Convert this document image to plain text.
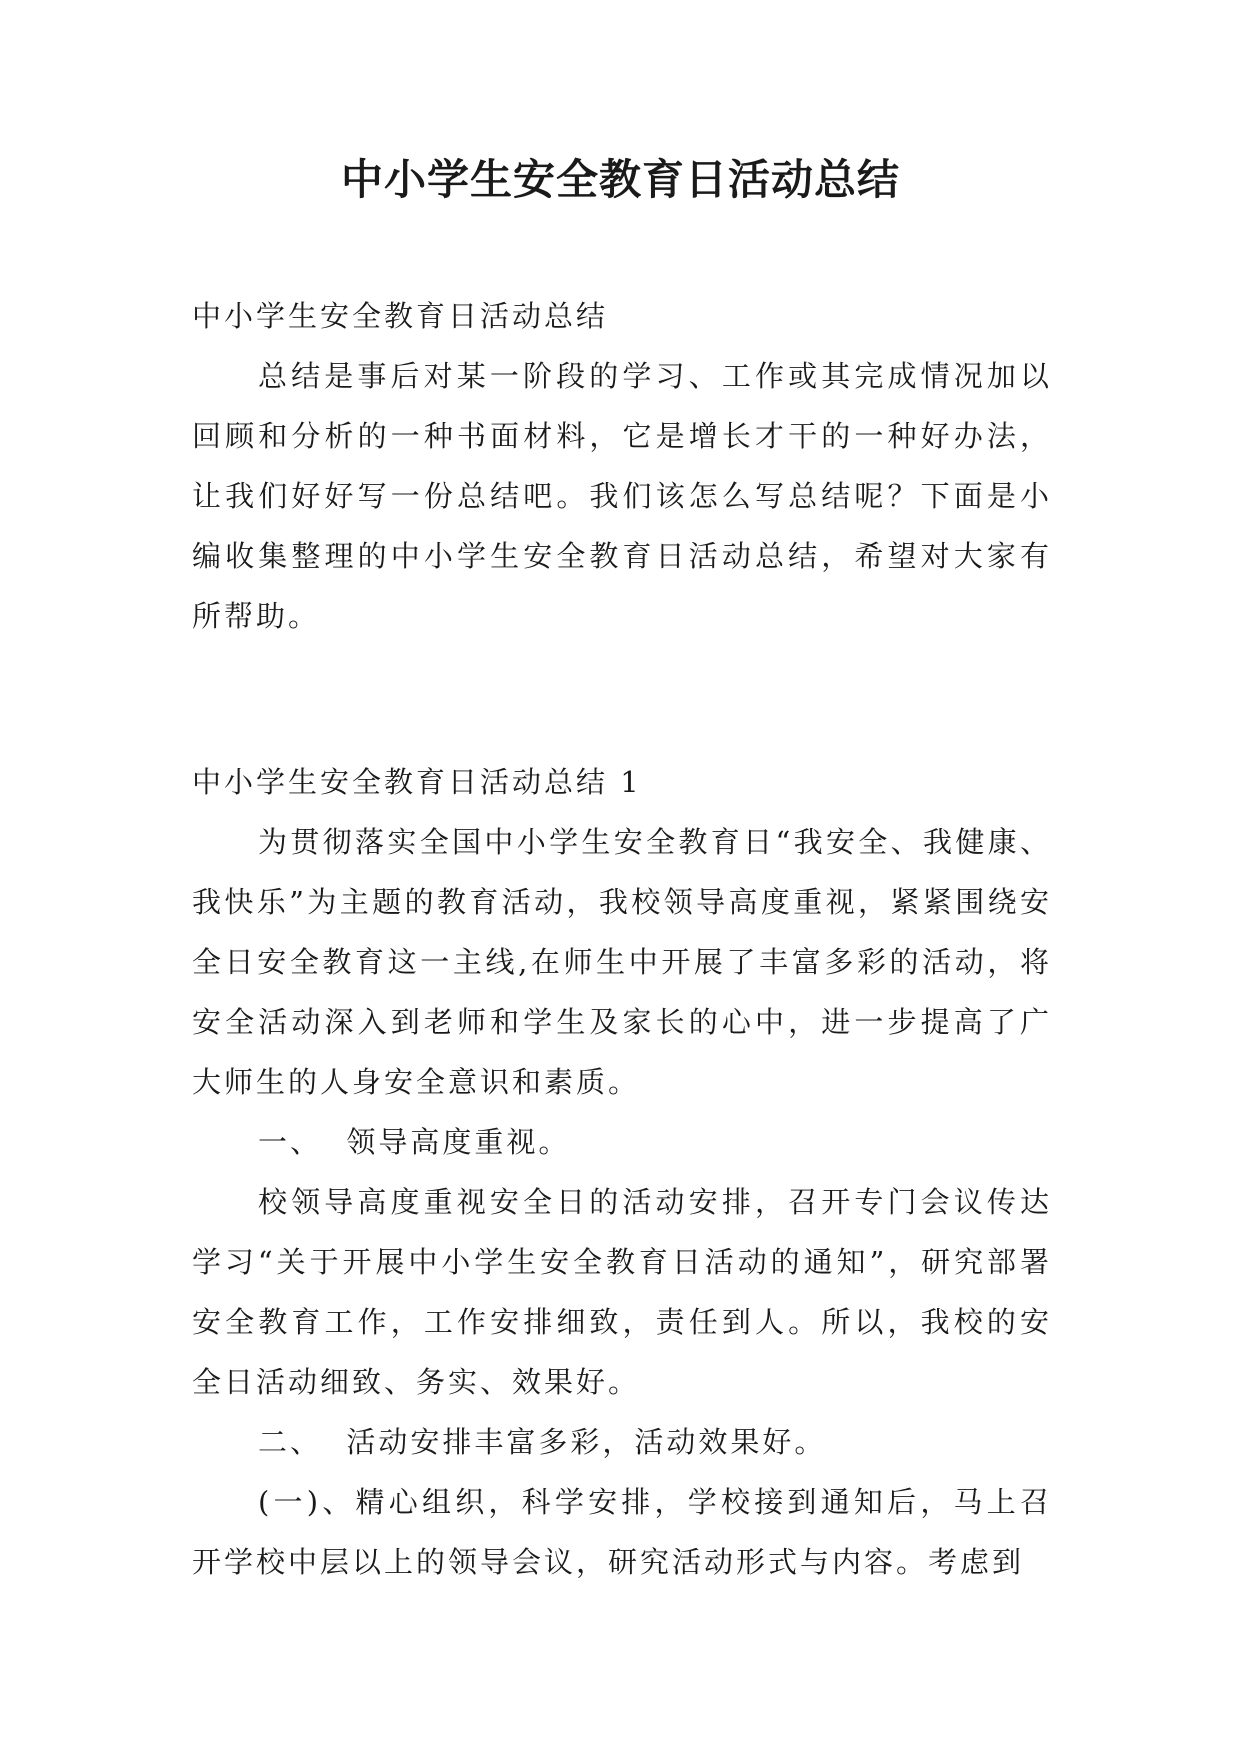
中小学生安全教育日活动总结

中小学生安全教育日活动总结

总结是事后对某一阶段的学习、工作或其完成情况加以回顾和分析的一种书面材料，它是增长才干的一种好办法，让我们好好写一份总结吧。我们该怎么写总结呢？下面是小编收集整理的中小学生安全教育日活动总结，希望对大家有所帮助。

中小学生安全教育日活动总结 1

为贯彻落实全国中小学生安全教育日“我安全、我健康、我快乐”为主题的教育活动，我校领导高度重视，紧紧围绕安全日安全教育这一主线,在师生中开展了丰富多彩的活动，将安全活动深入到老师和学生及家长的心中，进一步提高了广大师生的人身安全意识和素质。

一、  领导高度重视。

校领导高度重视安全日的活动安排，召开专门会议传达学习“关于开展中小学生安全教育日活动的通知”，研究部署安全教育工作，工作安排细致，责任到人。所以，我校的安全日活动细致、务实、效果好。

二、  活动安排丰富多彩，活动效果好。

(一)、精心组织，科学安排，学校接到通知后，马上召开学校中层以上的领导会议，研究活动形式与内容。考虑到
